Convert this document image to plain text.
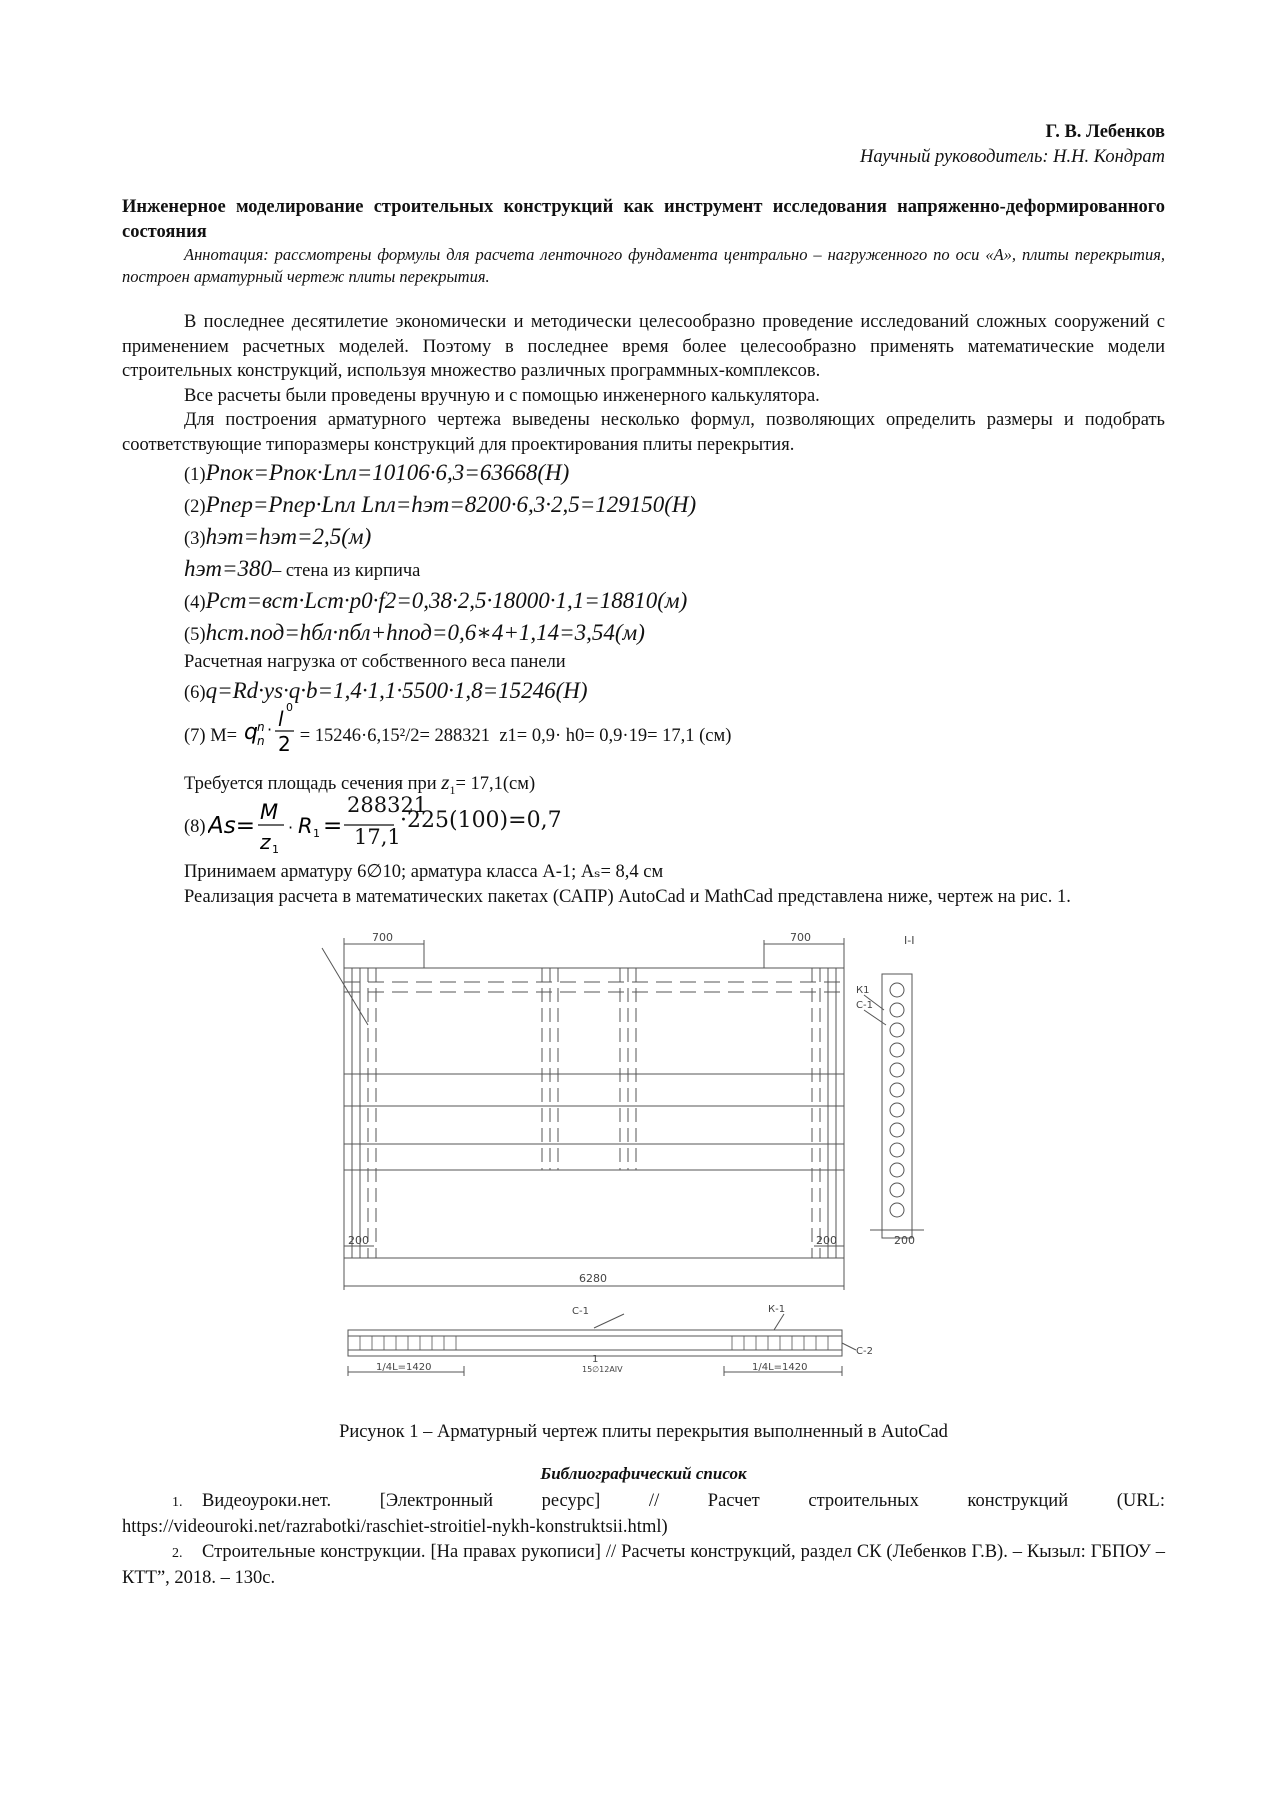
Г. В. Лебенков
Научный руководитель: Н.Н. Кондрат
Инженерное моделирование строительных конструкций как инструмент исследования напряженно-деформированного состояния
Аннотация: рассмотрены формулы для расчета ленточного фундамента центрально – нагруженного по оси «А», плиты перекрытия, построен арматурный чертеж плиты перекрытия.
В последнее десятилетие экономически и методически целесообразно проведение исследований сложных сооружений с применением расчетных моделей. Поэтому в последнее время более целесообразно применять математические модели строительных конструкций, используя множество различных программных-комплексов.
Все расчеты были проведены вручную и с помощью инженерного калькулятора.
Для построения арматурного чертежа выведены несколько формул, позволяющих определить размеры и подобрать соответствующие типоразмеры конструкций для проектирования плиты перекрытия.
(1)Pпок=Pпок·Lпл=10106·6,3=63668(H)
(2)Pпер=Pпер·Lпл Lпл=hэт=8200·6,3·2,5=129150(H)
(3)hэт=hэт=2,5(м)
hэт=380– стена из кирпича
(4)Pст=вст·Lст·p0·f2=0,38·2,5·18000·1,1=18810(м)
(5)hст.под=hбл·nбл+hпод=0,6∗4+1,14=3,54(м)
Расчетная нагрузка от собственного веса панели
(6)q=Rd·ys·q·b=1,4·1,1·5500·1,8=15246(H)
(7) M= q n
n
· l 0
2 = 15246·6,15²/2= 288321 z1= 0,9· h0= 0,9·19= 17,1 (см)
Требуется площадь сечения при $z_1= 17,1(см)$
(8) As=
M
z 1
· R 1 =
288321
17,1
·225(100)=0,7
Принимаем арматуру 6∅10; арматура класса А-1; Aₛ= 8,4 см
Реализация расчета в математических пакетах (САПР) AutoCad и MathCad представлена ниже, чертеж на рис. 1.
700	700	I-I
К1
С-1
200	200	200
6280
С-1	К-1
С-2
1/4L=1420	1/4L=1420
1
15∅12АIV
Рисунок 1 – Арматурный чертеж плиты перекрытия выполненный в AutoCad
Библиографический список
1. Видеоуроки.нет. [Электронный ресурс] // Расчет строительных конструкций (URL: https://videouroki.net/razrabotki/raschiet-stroitiel-nykh-konstruktsii.html)
2. Строительные конструкции. [На правах рукописи] // Расчеты конструкций, раздел СК (Лебенков Г.В). – Кызыл: ГБПОУ – КТТ”, 2018. – 130с.
